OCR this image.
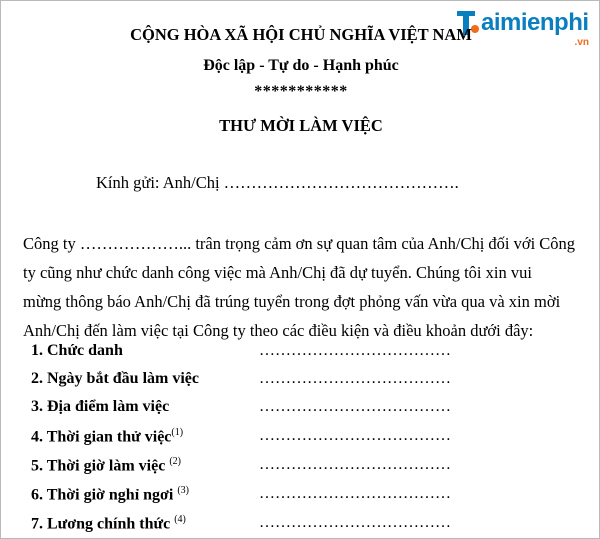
aimienphi
.vn
CỘNG HÒA XÃ HỘI CHỦ NGHĨA VIỆT NAM
Độc lập - Tự do - Hạnh phúc
***********
THƯ MỜI LÀM VIỆC
Kính gửi: Anh/Chị …………………………………….
Công ty ………………... trân trọng cảm ơn sự quan tâm của Anh/Chị đối với Công
ty cũng như chức danh công việc mà Anh/Chị đã dự tuyển. Chúng tôi xin vui
mừng thông báo Anh/Chị đã trúng tuyển trong đợt phỏng vấn vừa qua và xin mời
Anh/Chị đến làm việc tại Công ty theo các điều kiện và điều khoản dưới đây:
1. Chức danh	………………………………
2. Ngày bắt đầu làm việc	………………………………
3. Địa điểm làm việc	………………………………
4. Thời gian thử việc$^{(1)}$	………………………………
5. Thời giờ làm việc $^{(2)}$	………………………………
6. Thời giờ nghỉ ngơi $^{(3)}$	………………………………
7. Lương chính thức $^{(4)}$	………………………………
